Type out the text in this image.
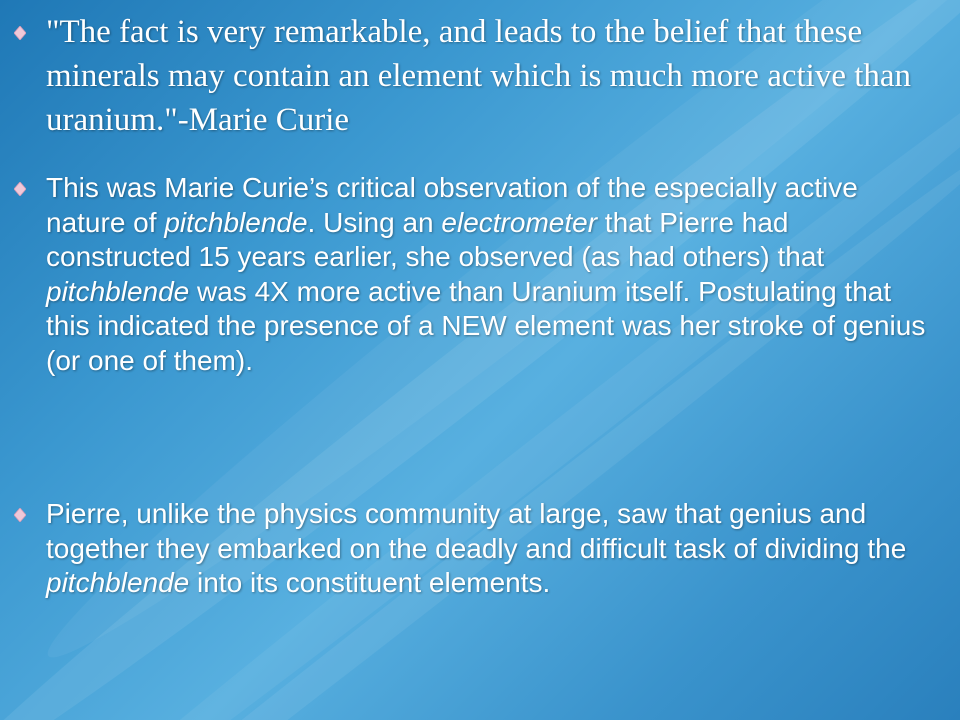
"The fact is very remarkable, and leads to the belief that these minerals may contain an element which is much more active than uranium."-Marie Curie
This was Marie Curie’s critical observation of the especially active nature of pitchblende. Using an electrometer that Pierre had constructed 15 years earlier, she observed (as had others) that pitchblende was 4X more active than Uranium itself. Postulating that this indicated the presence of a NEW element was her stroke of genius (or one of them).
Pierre, unlike the physics community at large, saw that genius and together they embarked on the deadly and difficult task of dividing the pitchblende into its constituent elements.
